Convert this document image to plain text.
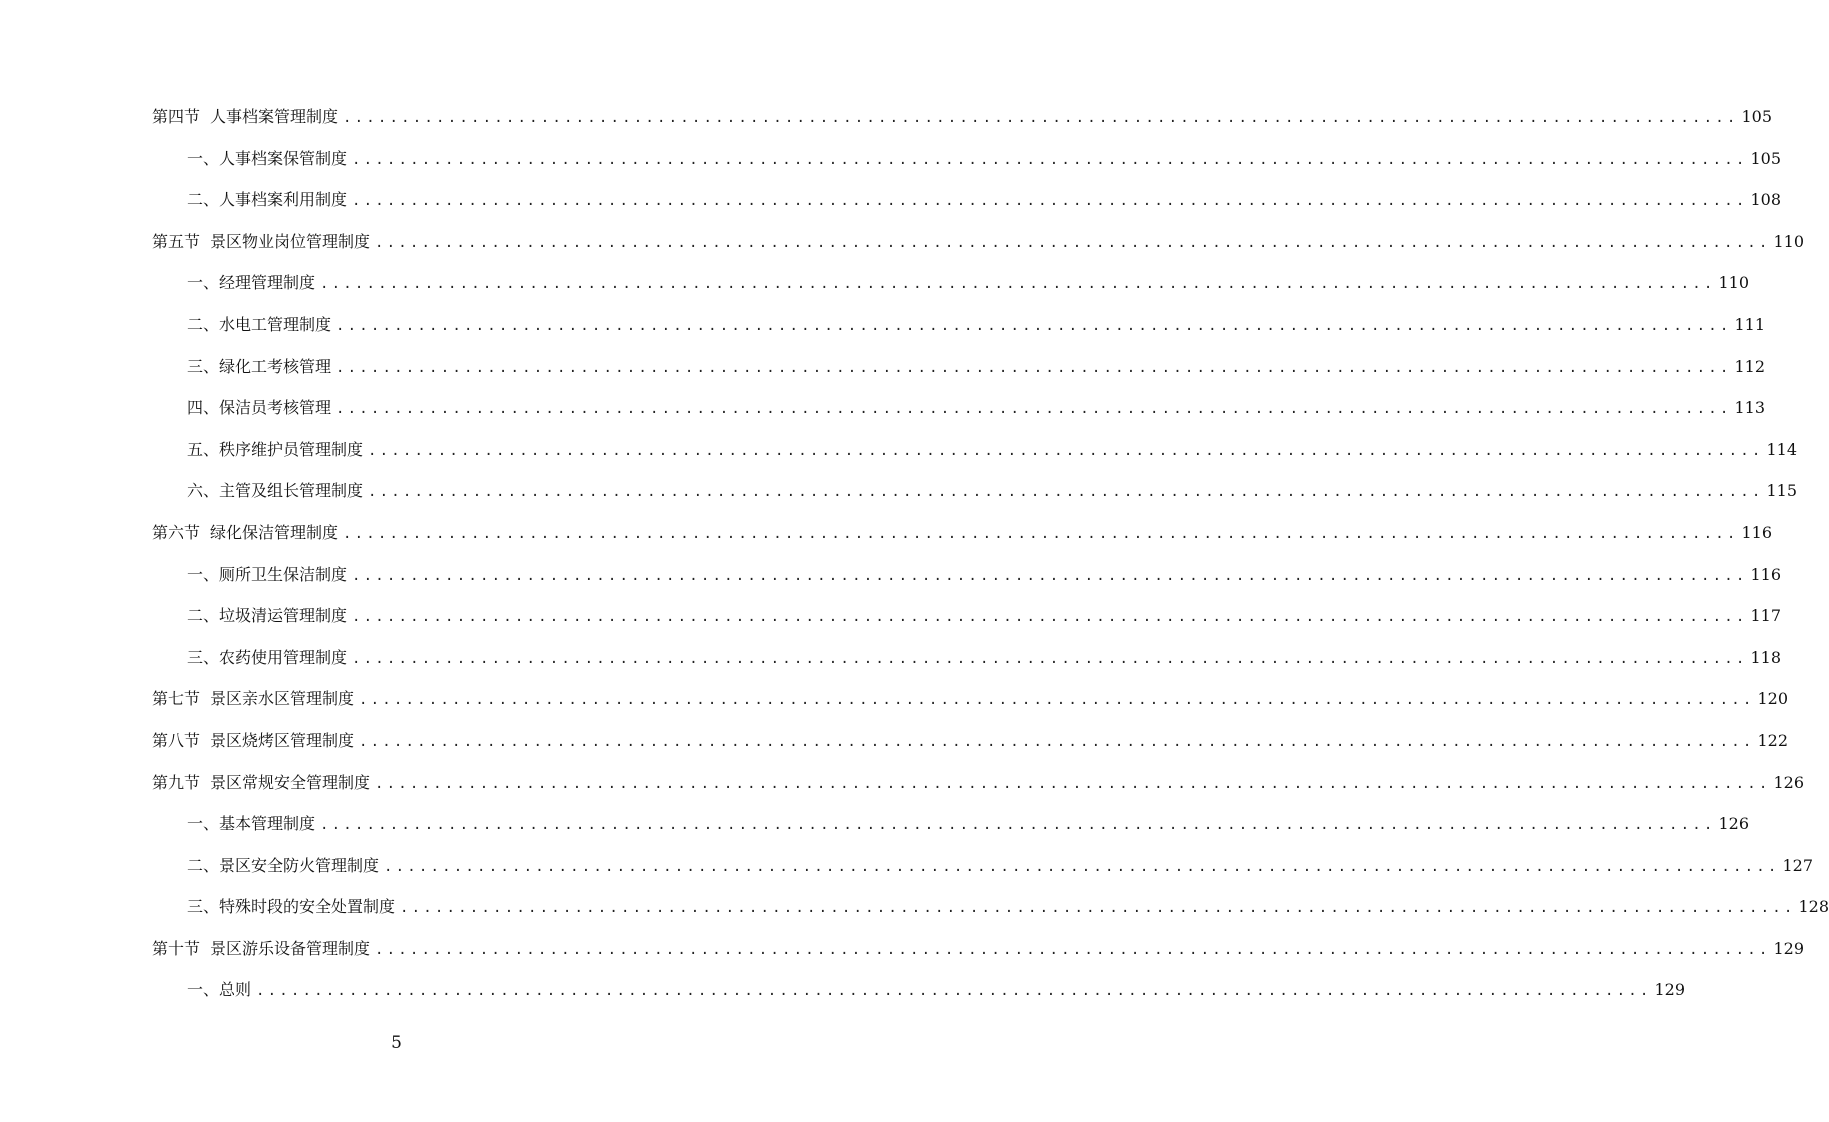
第四节 人事档案管理制度 ........................................................................................................................ 105
一、人事档案保管制度 ........................................................................................................................ 105
二、人事档案利用制度 ........................................................................................................................ 108
第五节 景区物业岗位管理制度 ........................................................................................................................ 110
一、经理管理制度 ........................................................................................................................ 110
二、水电工管理制度 ........................................................................................................................ 111
三、绿化工考核管理 ........................................................................................................................ 112
四、保洁员考核管理 ........................................................................................................................ 113
五、秩序维护员管理制度 ........................................................................................................................ 114
六、主管及组长管理制度 ........................................................................................................................ 115
第六节 绿化保洁管理制度 ........................................................................................................................ 116
一、厕所卫生保洁制度 ........................................................................................................................ 116
二、垃圾清运管理制度 ........................................................................................................................ 117
三、农药使用管理制度 ........................................................................................................................ 118
第七节 景区亲水区管理制度 ........................................................................................................................ 120
第八节 景区烧烤区管理制度 ........................................................................................................................ 122
第九节 景区常规安全管理制度 ........................................................................................................................ 126
一、基本管理制度 ........................................................................................................................ 126
二、景区安全防火管理制度 ........................................................................................................................ 127
三、特殊时段的安全处置制度 ........................................................................................................................ 128
第十节 景区游乐设备管理制度 ........................................................................................................................ 129
一、总则 ........................................................................................................................ 129
5
